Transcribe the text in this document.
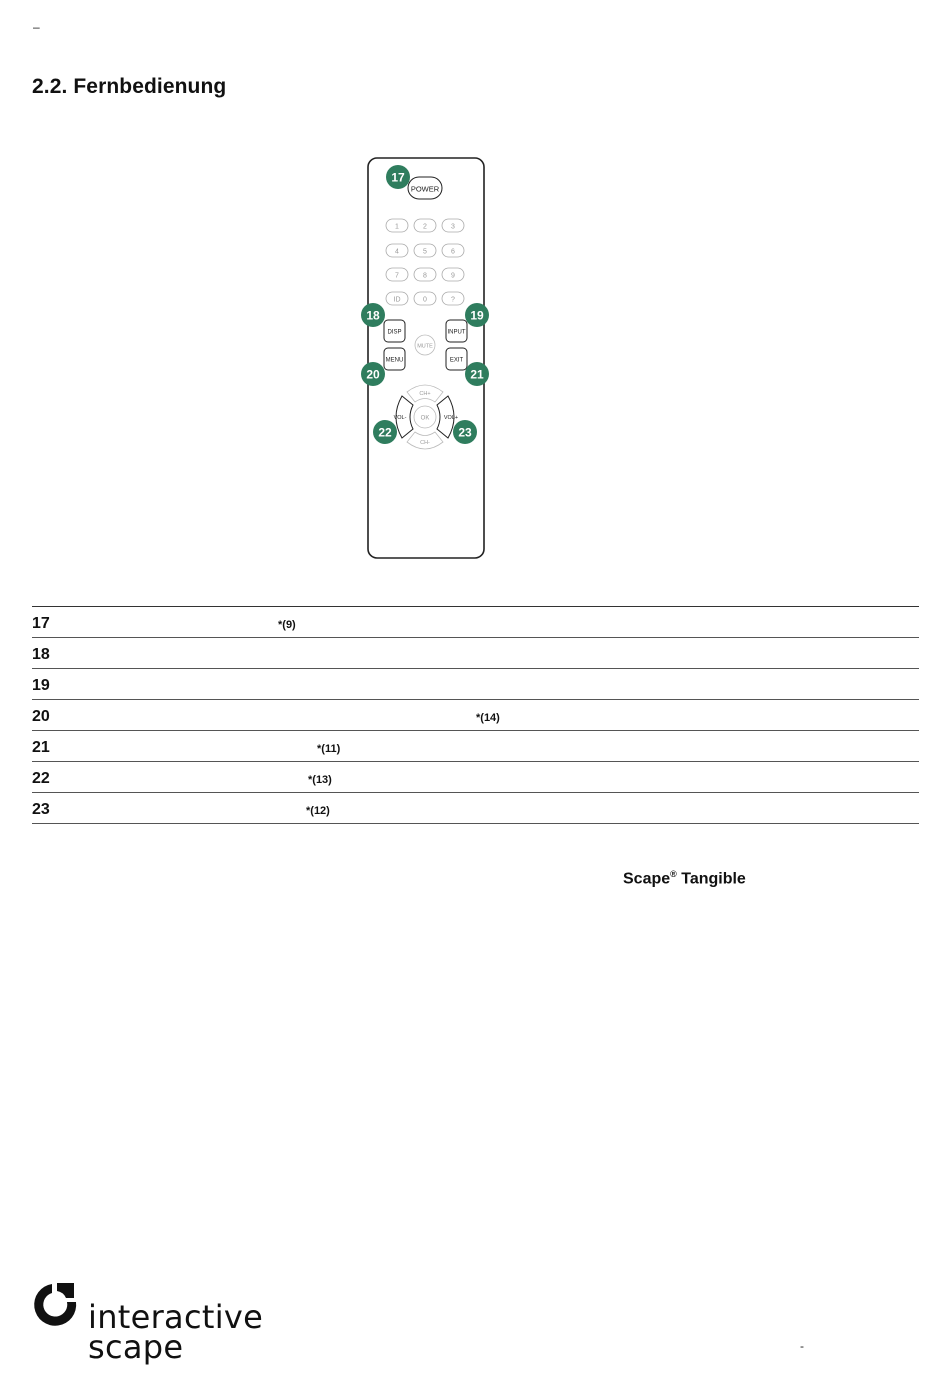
–
2.2. Fernbedienung
POWER
1	2	3
4	5	6
7	8	9
ID	0	?
DISP	INPUT
MUTE
MENU	EXIT
CH+
CH-
VOL-	VOL+
OK
17
18	19
20	21
22	23
17	*(9)
18
19
20	*(14)
21	*(11)
22	*(13)
23	*(12)
Scape® Tangible
interactive
scape	-
